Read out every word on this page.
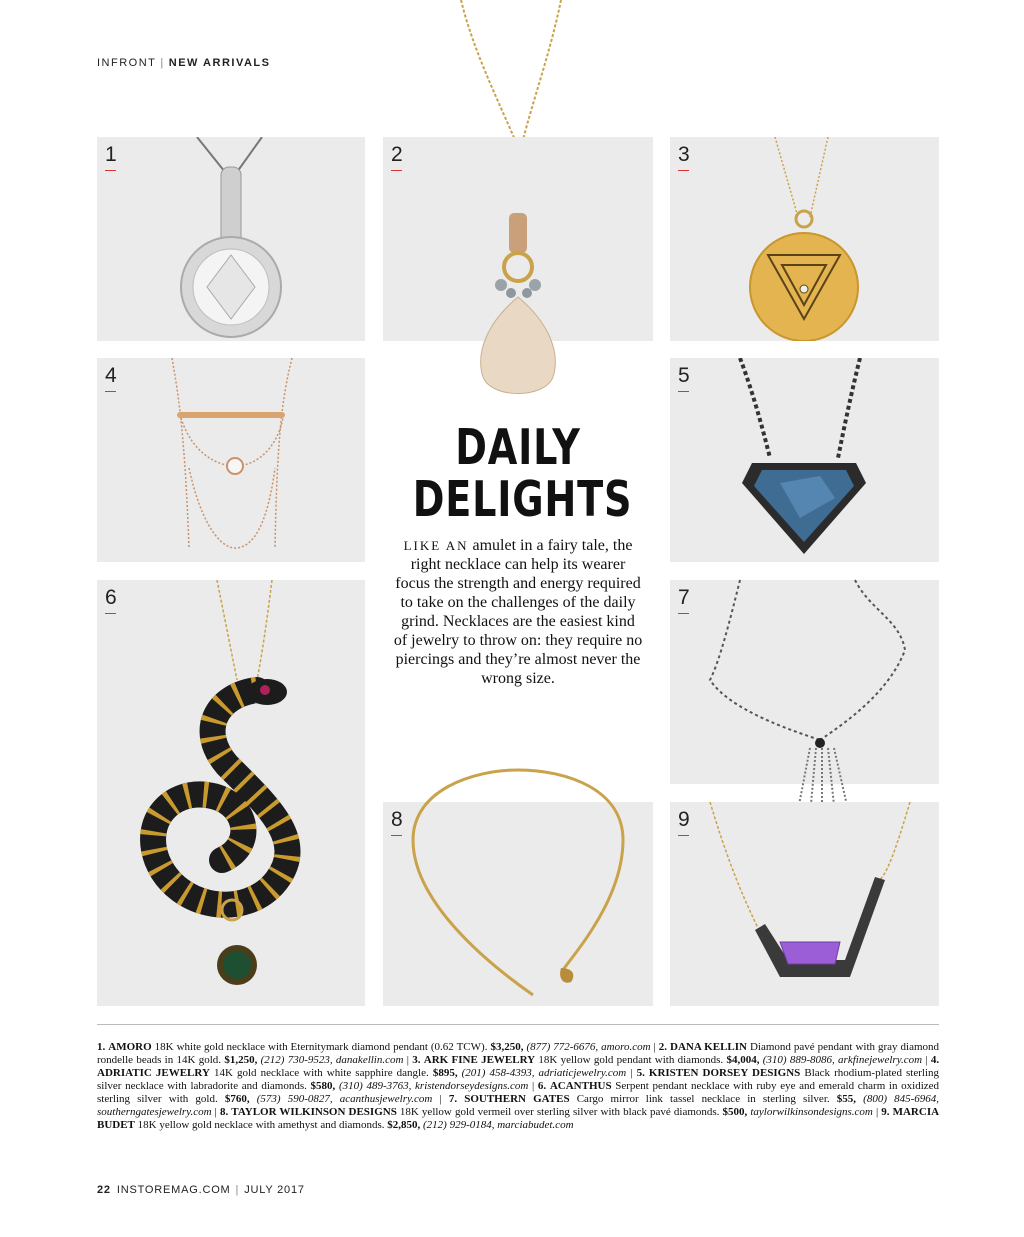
INFRONT | NEW ARRIVALS
1	2	3
4	5
6
DAILY
DELIGHTS
LIKE AN amulet in a fairy tale, the right necklace can help its wearer focus the strength and energy required to take on the challenges of the daily grind. Necklaces are the easiest kind of jewelry to throw on: they require no piercings and they’re almost never the wrong size.
7
8	9
1. AMORO 18K white gold necklace with Eternitymark diamond pendant (0.62 TCW). $3,250, (877) 772-6676, amoro.com | 2. DANA KELLIN Diamond pavé pendant with gray diamond rondelle beads in 14K gold. $1,250, (212) 730-9523, danakellin.com | 3. ARK FINE JEWELRY 18K yellow gold pendant with diamonds. $4,004, (310) 889-8086, arkfinejewelry.com | 4. ADRIATIC JEWELRY 14K gold necklace with white sapphire dangle. $895, (201) 458-4393, adriaticjewelry.com | 5. KRISTEN DORSEY DESIGNS Black rhodium-plated sterling silver necklace with labradorite and diamonds. $580, (310) 489-3763, kristendorseydesigns.com | 6. ACANTHUS Serpent pendant necklace with ruby eye and emerald charm in oxidized sterling silver with gold. $760, (573) 590-0827, acanthusjewelry.com | 7. SOUTHERN GATES Cargo mirror link tassel necklace in sterling silver. $55, (800) 845-6964, southerngatesjewelry.com | 8. TAYLOR WILKINSON DESIGNS 18K yellow gold vermeil over sterling silver with black pavé diamonds. $500, taylorwilkinsondesigns.com | 9. MARCIA BUDET 18K yellow gold necklace with amethyst and diamonds. $2,850, (212) 929-0184, marciabudet.com
22 INSTOREMAG.COM | JULY 2017
